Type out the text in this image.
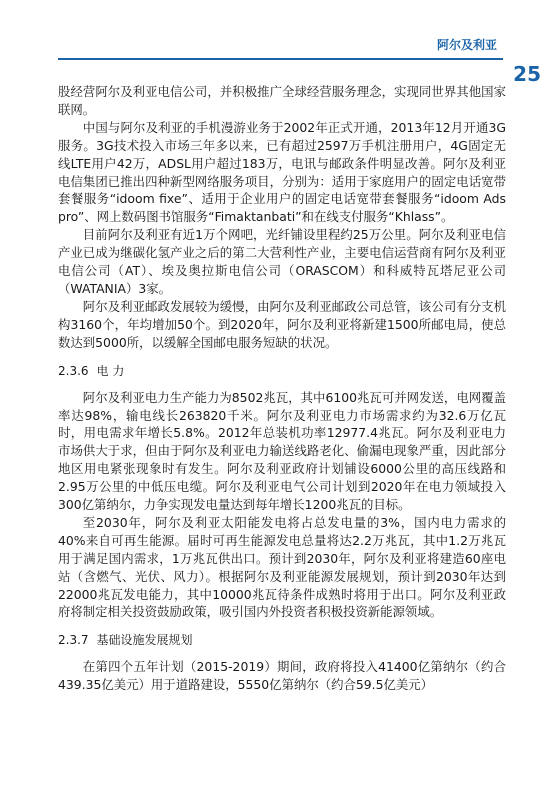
阿尔及利亚
25

股经营阿尔及利亚电信公司，并积极推广全球经营服务理念，实现同世界其他国家联网。

中国与阿尔及利亚的手机漫游业务于2002年正式开通，2013年12月开通3G服务。3G技术投入市场三年多以来，已有超过2597万手机注册用户，4G固定无线LTE用户42万，ADSL用户超过183万，电讯与邮政条件明显改善。阿尔及利亚电信集团已推出四种新型网络服务项目，分别为：适用于家庭用户的固定电话宽带套餐服务“idoom fixe”、适用于企业用户的固定电话宽带套餐服务“idoom Ads pro”、网上数码图书馆服务“Fimaktanbati”和在线支付服务“Khlass”。

目前阿尔及利亚有近1万个网吧，光纤铺设里程约25万公里。阿尔及利亚电信产业已成为继碳化氢产业之后的第二大营利性产业，主要电信运营商有阿尔及利亚电信公司（AT）、埃及奥拉斯电信公司（ORASCOM）和科威特瓦塔尼亚公司（WATANIA）3家。

阿尔及利亚邮政发展较为缓慢，由阿尔及利亚邮政公司总管，该公司有分支机构3160个，年均增加50个。到2020年，阿尔及利亚将新建1500所邮电局，使总数达到5000所，以缓解全国邮电服务短缺的状况。

2.3.6 电 力

阿尔及利亚电力生产能力为8502兆瓦，其中6100兆瓦可并网发送，电网覆盖率达98%，输电线长263820千米。阿尔及利亚电力市场需求约为32.6万亿瓦时，用电需求年增长5.8%。2012年总装机功率12977.4兆瓦。阿尔及利亚电力市场供大于求，但由于阿尔及利亚电力输送线路老化、偷漏电现象严重，因此部分地区用电紧张现象时有发生。阿尔及利亚政府计划铺设6000公里的高压线路和2.95万公里的中低压电缆。阿尔及利亚电气公司计划到2020年在电力领域投入300亿第纳尔，力争实现发电量达到每年增长1200兆瓦的目标。

至2030年，阿尔及利亚太阳能发电将占总发电量的3%，国内电力需求的40%来自可再生能源。届时可再生能源发电总量将达2.2万兆瓦，其中1.2万兆瓦用于满足国内需求，1万兆瓦供出口。预计到2030年，阿尔及利亚将建造60座电站（含燃气、光伏、风力）。根据阿尔及利亚能源发展规划，预计到2030年达到22000兆瓦发电能力，其中10000兆瓦待条件成熟时将用于出口。阿尔及利亚政府将制定相关投资鼓励政策，吸引国内外投资者积极投资新能源领域。

2.3.7 基础设施发展规划

在第四个五年计划（2015-2019）期间，政府将投入41400亿第纳尔（约合439.35亿美元）用于道路建设，5550亿第纳尔（约合59.5亿美元）
